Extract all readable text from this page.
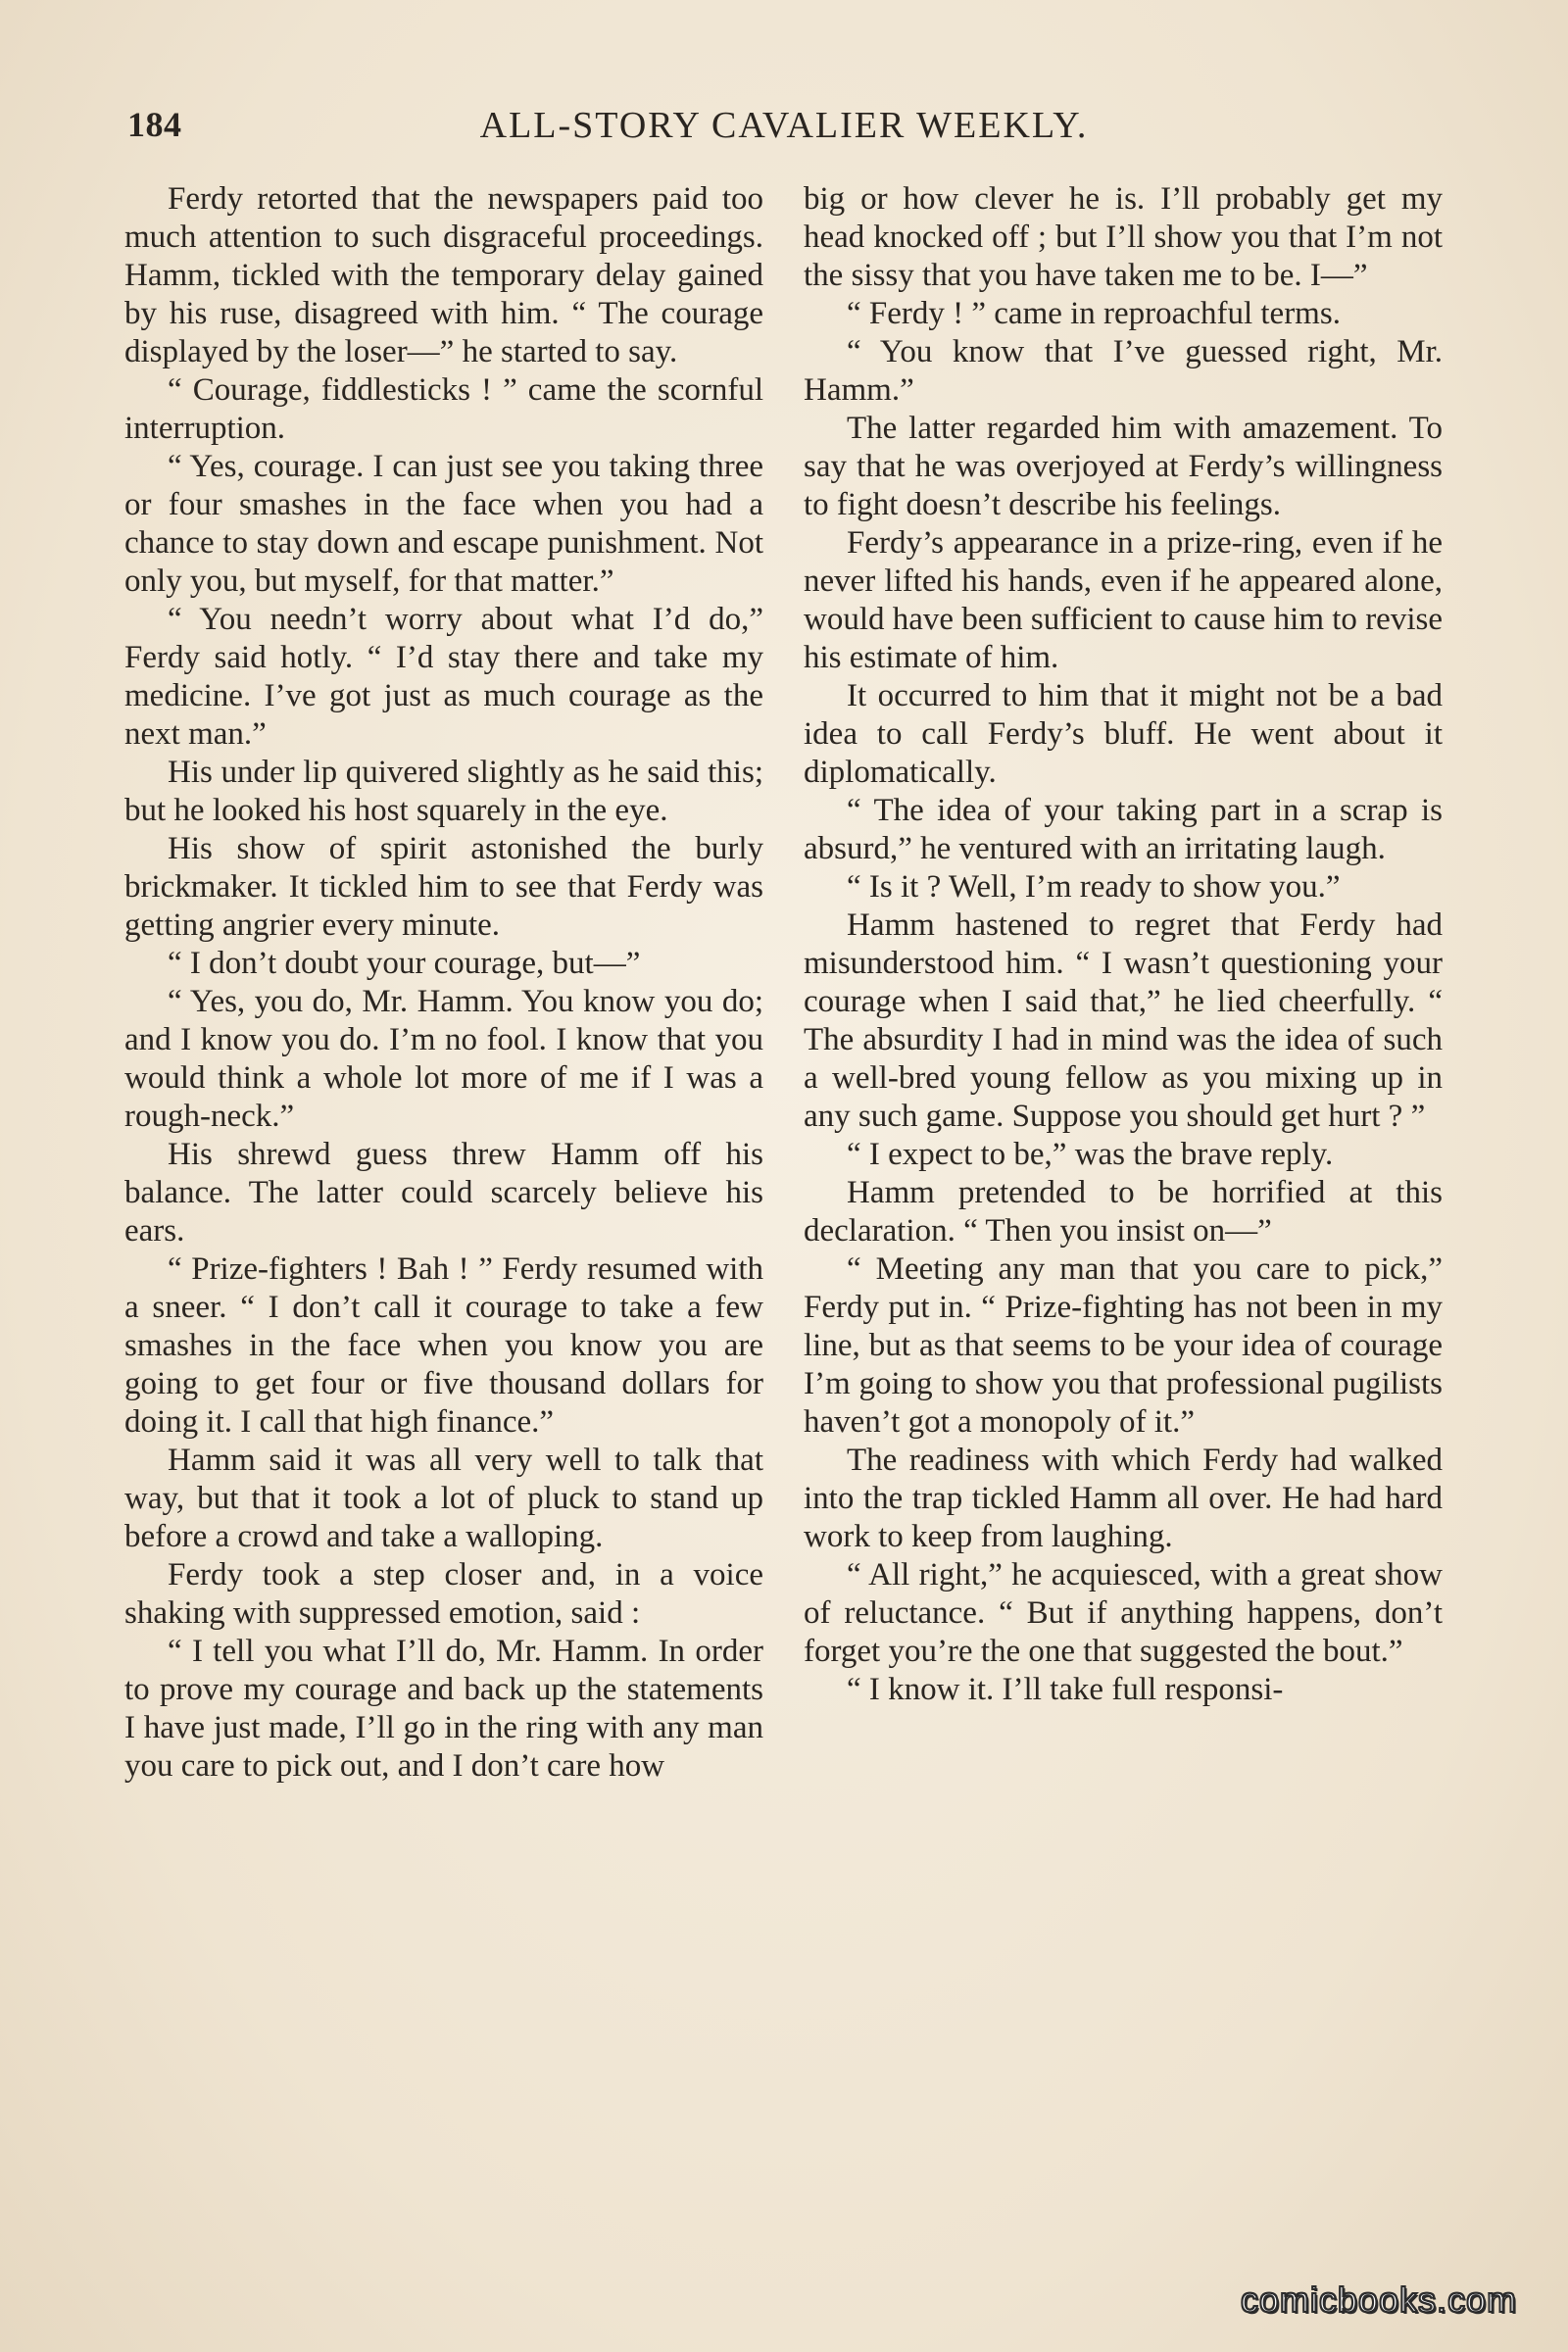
184	ALL-STORY CAVALIER WEEKLY.

Ferdy retorted that the newspapers paid too much attention to such disgraceful proceedings. Hamm, tickled with the temporary delay gained by his ruse, disagreed with him. “ The courage displayed by the loser—” he started to say.

“ Courage, fiddlesticks ! ” came the scornful interruption.

“ Yes, courage. I can just see you taking three or four smashes in the face when you had a chance to stay down and escape punishment. Not only you, but myself, for that matter.”

“ You needn’t worry about what I’d do,” Ferdy said hotly. “ I’d stay there and take my medicine. I’ve got just as much courage as the next man.”

His under lip quivered slightly as he said this; but he looked his host squarely in the eye.

His show of spirit astonished the burly brickmaker. It tickled him to see that Ferdy was getting angrier every minute.

“ I don’t doubt your courage, but—”

“ Yes, you do, Mr. Hamm. You know you do; and I know you do. I’m no fool. I know that you would think a whole lot more of me if I was a rough-neck.”

His shrewd guess threw Hamm off his balance. The latter could scarcely believe his ears.

“ Prize-fighters ! Bah ! ” Ferdy resumed with a sneer. “ I don’t call it courage to take a few smashes in the face when you know you are going to get four or five thousand dollars for doing it. I call that high finance.”

Hamm said it was all very well to talk that way, but that it took a lot of pluck to stand up before a crowd and take a walloping.

Ferdy took a step closer and, in a voice shaking with suppressed emotion, said :

“ I tell you what I’ll do, Mr. Hamm. In order to prove my courage and back up the statements I have just made, I’ll go in the ring with any man you care to pick out, and I don’t care how

big or how clever he is. I’ll probably get my head knocked off ; but I’ll show you that I’m not the sissy that you have taken me to be. I—”

“ Ferdy ! ” came in reproachful terms.

“ You know that I’ve guessed right, Mr. Hamm.”

The latter regarded him with amazement. To say that he was overjoyed at Ferdy’s willingness to fight doesn’t describe his feelings.

Ferdy’s appearance in a prize-ring, even if he never lifted his hands, even if he appeared alone, would have been sufficient to cause him to revise his estimate of him.

It occurred to him that it might not be a bad idea to call Ferdy’s bluff. He went about it diplomatically.

“ The idea of your taking part in a scrap is absurd,” he ventured with an irritating laugh.

“ Is it ? Well, I’m ready to show you.”

Hamm hastened to regret that Ferdy had misunderstood him. “ I wasn’t questioning your courage when I said that,” he lied cheerfully. “ The absurdity I had in mind was the idea of such a well-bred young fellow as you mixing up in any such game. Suppose you should get hurt ? ”

“ I expect to be,” was the brave reply.

Hamm pretended to be horrified at this declaration. “ Then you insist on—”

“ Meeting any man that you care to pick,” Ferdy put in. “ Prize-fighting has not been in my line, but as that seems to be your idea of courage I’m going to show you that professional pugilists haven’t got a monopoly of it.”

The readiness with which Ferdy had walked into the trap tickled Hamm all over. He had hard work to keep from laughing.

“ All right,” he acquiesced, with a great show of reluctance. “ But if anything happens, don’t forget you’re the one that suggested the bout.”

“ I know it. I’ll take full responsi-

comicbooks.com
